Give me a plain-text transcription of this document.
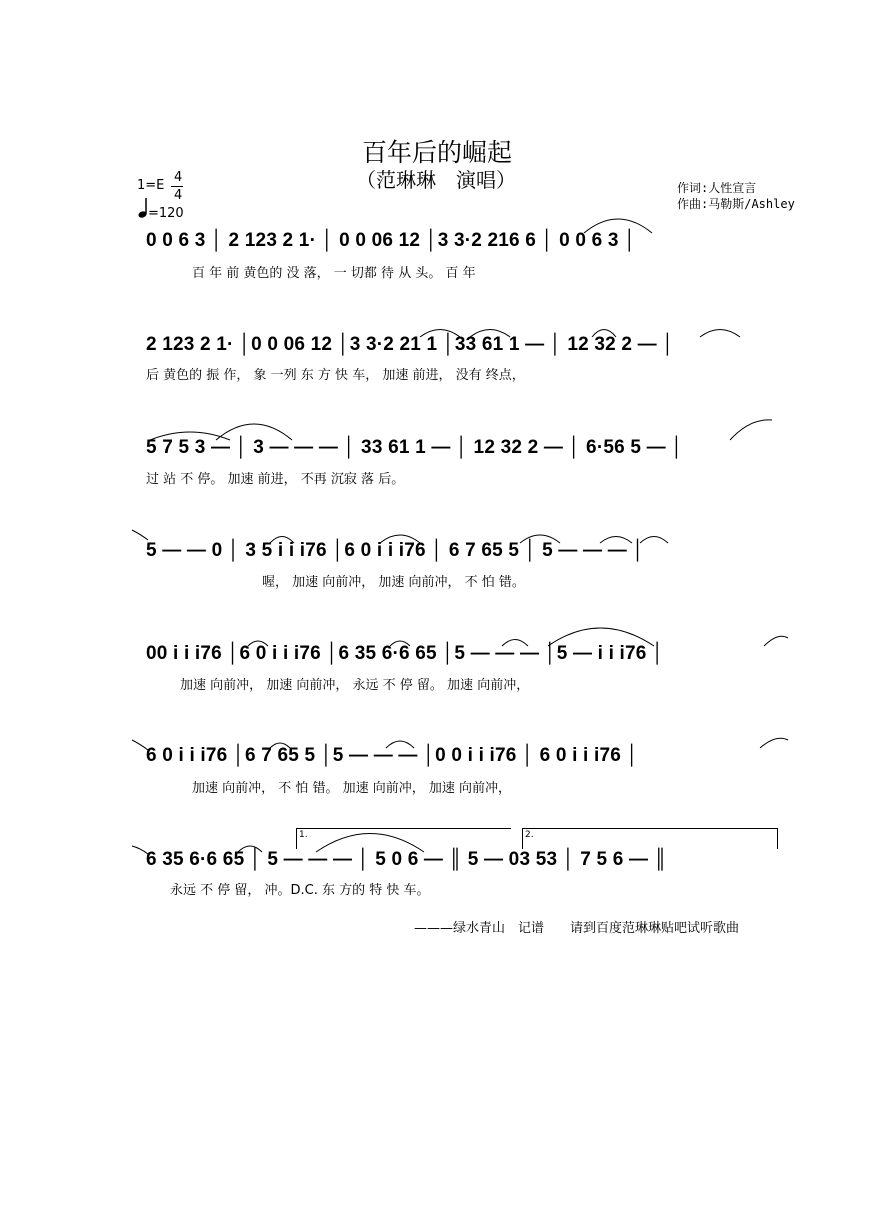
百年后的崛起
（范琳琳　演唱）
1=E
4
4
=120
作词:人性宣言
作曲:马勒斯/Ashley
0 0 6 3 │ 2 123 2 1· │ 0 0 06 12 │3 3·2 216 6 │ 0 0 6 3 │
百 年 前 黄色的 没 落， 一 切都 待 从 头。 百 年
2 123 2 1· │0 0 06 12 │3 3·2 21 1 │33 61 1 — │ 12 32 2 — │
后 黄色的 振 作， 象 一列 东 方 快 车， 加速 前进， 没有 终点，
5 7 5 3 — │ 3 — — — │ 33 61 1 — │ 12 32 2 — │ 6·56 5 — │
过 站 不 停。 加速 前进， 不再 沉寂 落 后。
5 — — 0 │ 3 5 i i i76 │6 0 i i i76 │ 6 7 65 5 │ 5 — — — │
喔， 加速 向前冲， 加速 向前冲， 不 怕 错。
00 i i i76 │6 0 i i i76 │6 35 6·6 65 │5 — — — │5 — i i i76 │
加速 向前冲， 加速 向前冲， 永远 不 停 留。 加速 向前冲，
6 0 i i i76 │6 7 65 5 │5 — — — │0 0 i i i76 │ 6 0 i i i76 │
加速 向前冲， 不 怕 错。 加速 向前冲， 加速 向前冲，
6 35 6·6 65 │ 5 — — — │ 5 0 6 — ║ 5 — 03 53 │ 7 5 6 — ║
永远 不 停 留， 冲。D.C. 东 方的 特 快 车。
1.	2.
———绿水青山　记谱　　请到百度范琳琳贴吧试听歌曲
